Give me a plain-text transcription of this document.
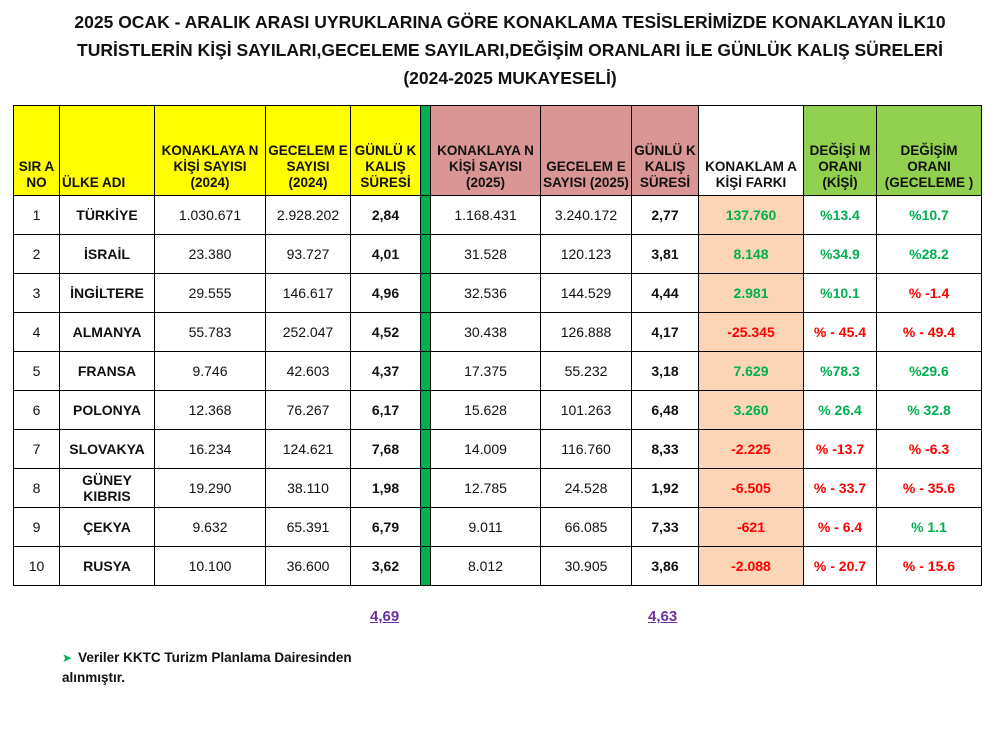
2025 OCAK - ARALIK ARASI UYRUKLARINA GÖRE KONAKLAMA TESİSLERİMİZDE KONAKLAYAN İLK10
TURİSTLERİN KİŞİ SAYILARI,GECELEME SAYILARI,DEĞİŞİM ORANLARI İLE GÜNLÜK KALIŞ SÜRELERİ
(2024-2025 MUKAYESELİ)
SIR A NO	ÜLKE ADI	KONAKLAYA N KİŞİ SAYISI (2024)	GECELEM E SAYISI (2024)	GÜNLÜ K KALIŞ SÜRESİ		KONAKLAYA N KİŞİ SAYISI (2025)	GECELEM E SAYISI (2025)	GÜNLÜ K KALIŞ SÜRESİ	KONAKLAM A KİŞİ FARKI	DEĞİŞİ M ORANI (KİŞİ)	DEĞİŞİM ORANI (GECELEME )
1	TÜRKİYE	1.030.671	2.928.202	2,84		1.168.431	3.240.172	2,77	137.760	%13.4	%10.7
2	İSRAİL	23.380	93.727	4,01		31.528	120.123	3,81	8.148	%34.9	%28.2
3	İNGİLTERE	29.555	146.617	4,96		32.536	144.529	4,44	2.981	%10.1	% -1.4
4	ALMANYA	55.783	252.047	4,52		30.438	126.888	4,17	-25.345	% - 45.4	% - 49.4
5	FRANSA	9.746	42.603	4,37		17.375	55.232	3,18	7.629	%78.3	%29.6
6	POLONYA	12.368	76.267	6,17		15.628	101.263	6,48	3.260	% 26.4	% 32.8
7	SLOVAKYA	16.234	124.621	7,68		14.009	116.760	8,33	-2.225	% -13.7	% -6.3
8	GÜNEY KIBRIS	19.290	38.110	1,98		12.785	24.528	1,92	-6.505	% - 33.7	% - 35.6
9	ÇEKYA	9.632	65.391	6,79		9.011	66.085	7,33	-621	% - 6.4	% 1.1
10	RUSYA	10.100	36.600	3,62		8.012	30.905	3,86	-2.088	% - 20.7	% - 15.6
4,69	4,63
➤ Veriler KKTC Turizm Planlama Dairesinden
alınmıştır.
